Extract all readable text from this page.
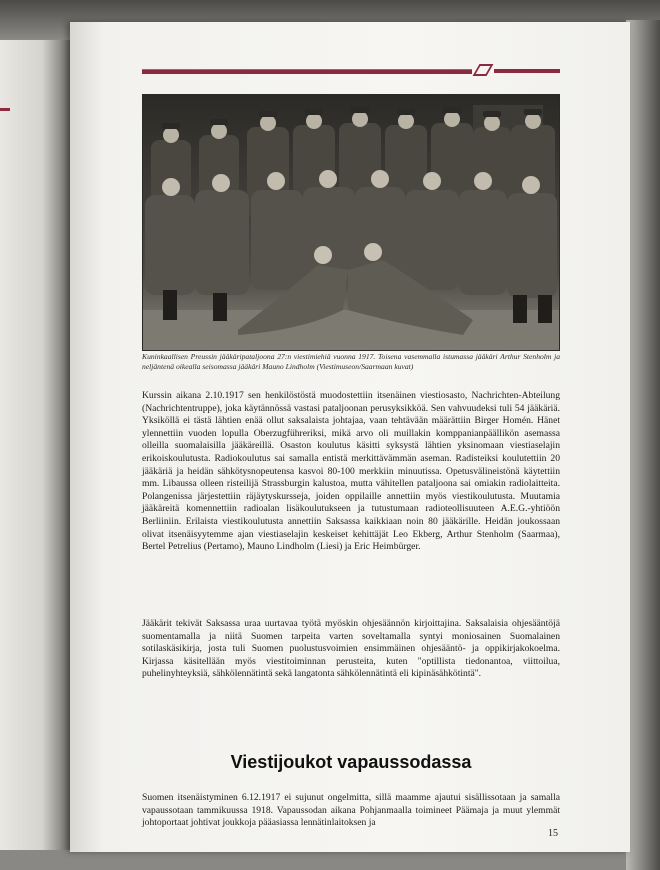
Kuninkaallisen Preussin jääkäripataljoona 27:n viestimiehiä vuonna 1917. Toisena vasemmalla istumassa jääkäri Arthur Stenholm ja neljäntenä oikealla seisomassa jääkäri Mauno Lindholm (Viestimuseon/Saarmaan kuvat)

Kurssin aikana 2.10.1917 sen henkilöstöstä muodostettiin itsenäinen viestiosasto, Nachrichten-Abteilung (Nachrichtentruppe), joka käytännössä vastasi pataljoonan perusyksikköä. Sen vahvuudeksi tuli 54 jääkäriä. Yksiköllä ei tästä lähtien enää ollut saksalaista johtajaa, vaan tehtävään määrättiin Birger Homén. Hänet ylennettiin vuoden lopulla Oberzugführeriksi, mikä arvo oli muillakin komppanianpäällikön asemassa olleilla suomalaisilla jääkäreillä. Osaston koulutus käsitti syksystä lähtien yksinomaan viestiaselajin erikoiskoulutusta. Radiokoulutus sai samalla entistä merkittävämmän aseman. Radisteiksi koulutettiin 20 jääkäriä ja heidän sähkötysnopeutensa kasvoi 80-100 merkkiin minuutissa. Opetusvälineistönä käytettiin mm. Libaussa olleen risteilijä Strassburgin kalustoa, mutta vähitellen pataljoona sai omiakin radiolaitteita. Polangenissa järjestettiin räjäytyskursseja, joiden oppilaille annettiin myös viestikoulutusta. Muutamia jääkäreitä komennettiin radioalan lisäkoulutukseen ja tutustumaan radioteollisuuteen A.E.G.-yhtiöön Berliiniin. Erilaista viestikoulutusta annettiin Saksassa kaikkiaan noin 80 jääkärille. Heidän joukossaan olivat itsenäisyytemme ajan viestiaselajin keskeiset kehittäjät Leo Ekberg, Arthur Stenholm (Saarmaa), Bertel Petrelius (Pertamo), Mauno Lindholm (Liesi) ja Eric Heimbürger.

Jääkärit tekivät Saksassa uraa uurtavaa työtä myöskin ohjesäännön kirjoittajina. Saksalaisia ohjesääntöjä suomentamalla ja niitä Suomen tarpeita varten soveltamalla syntyi moniosainen Suomalainen sotilaskäsikirja, josta tuli Suomen puolustusvoimien ensimmäinen ohjesääntö- ja oppikirjakokoelma. Kirjassa käsitellään myös viestitoiminnan perusteita, kuten "optillista tiedonantoa, viittoilua, puhelinyhteyksiä, sähkölennätintä sekä langatonta sähkölennätintä eli kipinäsähkötintä".

Viestijoukot vapaussodassa

Suomen itsenäistyminen 6.12.1917 ei sujunut ongelmitta, sillä maamme ajautui sisällissotaan ja samalla vapaussotaan tammikuussa 1918. Vapaussodan aikana Pohjanmaalla toimineet Päämaja ja muut ylemmät johtoportaat johtivat joukkoja pääasiassa lennätinlaitoksen ja

15
